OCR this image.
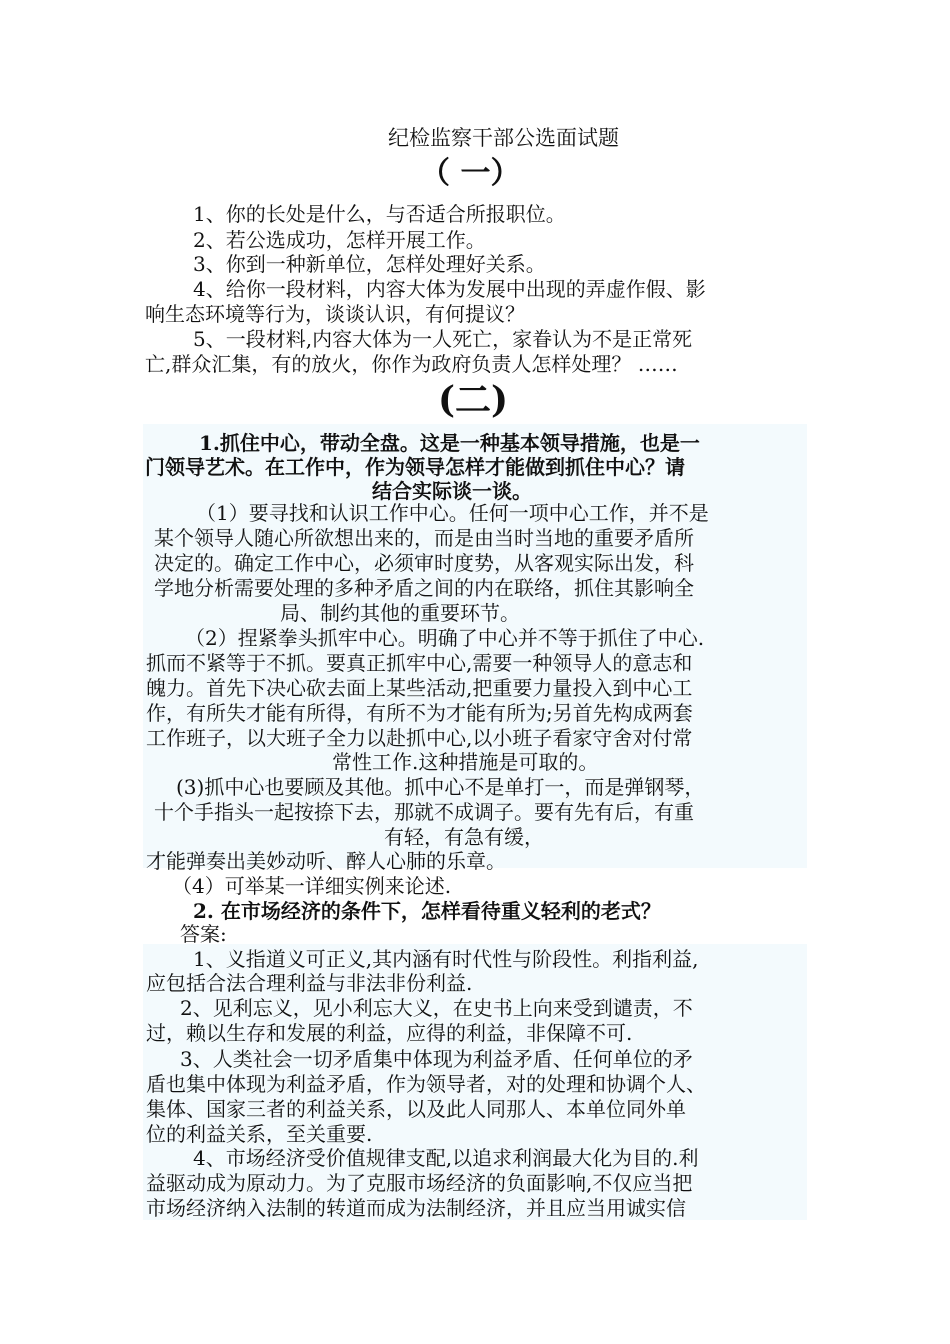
纪检监察干部公选面试题
（ 一）
1、你的长处是什么，与否适合所报职位。
2、若公选成功，怎样开展工作。
3、你到一种新单位，怎样处理好关系。
4、给你一段材料，内容大体为发展中出现的弄虚作假、影
响生态环境等行为，谈谈认识，有何提议？
5、一段材料,内容大体为一人死亡，家眷认为不是正常死
亡,群众汇集，有的放火，你作为政府负责人怎样处理？ ……
(二)
1.抓住中心，带动全盘。这是一种基本领导措施，也是一
门领导艺术。在工作中，作为领导怎样才能做到抓住中心？请
结合实际谈一谈。
（1）要寻找和认识工作中心。任何一项中心工作，并不是
某个领导人随心所欲想出来的，而是由当时当地的重要矛盾所
决定的。确定工作中心，必须审时度势，从客观实际出发，科
学地分析需要处理的多种矛盾之间的内在联络，抓住其影响全
局、制约其他的重要环节。
（2）捏紧拳头抓牢中心。明确了中心并不等于抓住了中心.
抓而不紧等于不抓。要真正抓牢中心,需要一种领导人的意志和
魄力。首先下决心砍去面上某些活动,把重要力量投入到中心工
作，有所失才能有所得，有所不为才能有所为;另首先构成两套
工作班子，以大班子全力以赴抓中心,以小班子看家守舍对付常
常性工作.这种措施是可取的。
(3)抓中心也要顾及其他。抓中心不是单打一，而是弹钢琴，
十个手指头一起按捺下去，那就不成调子。要有先有后，有重
有轻，有急有缓，
才能弹奏出美妙动听、醉人心肺的乐章。
（4）可举某一详细实例来论述.
2. 在市场经济的条件下，怎样看待重义轻利的老式？
答案:
1、义指道义可正义,其内涵有时代性与阶段性。利指利益,
应包括合法合理利益与非法非份利益.
2、见利忘义，见小利忘大义，在史书上向来受到谴责，不
过，赖以生存和发展的利益，应得的利益，非保障不可.
3、人类社会一切矛盾集中体现为利益矛盾、任何单位的矛
盾也集中体现为利益矛盾，作为领导者，对的处理和协调个人、
集体、国家三者的利益关系，以及此人同那人、本单位同外单
位的利益关系，至关重要.
4、市场经济受价值规律支配,以追求利润最大化为目的.利
益驱动成为原动力。为了克服市场经济的负面影响,不仅应当把
市场经济纳入法制的转道而成为法制经济，并且应当用诚实信
